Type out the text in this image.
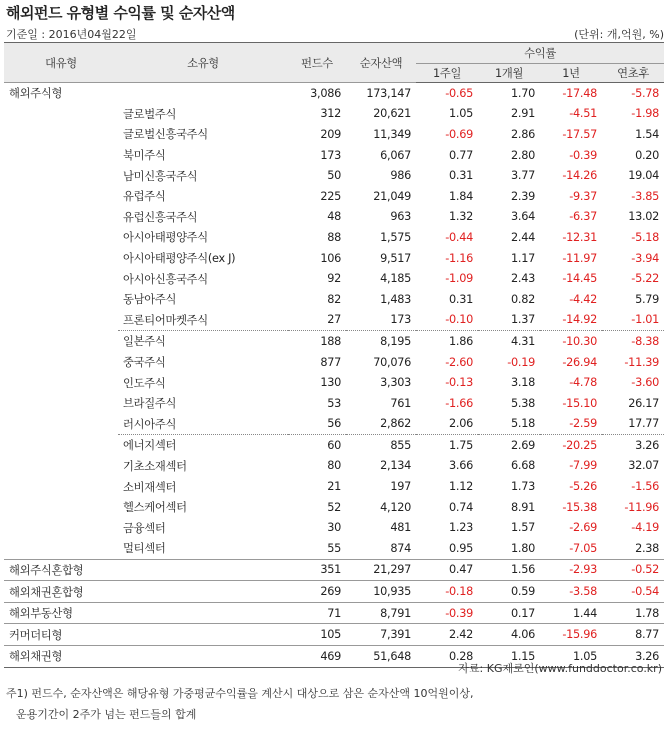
해외펀드 유형별 수익률 및 순자산액
기준일 : 2016년04월22일	(단위: 개,억원, %)
대유형	소유형	펀드수	순자산액	수익률			
				1주일	1개월	1년	연초후
해외주식형		3,086	173,147	-0.65	1.70	-17.48	-5.78
	글로벌주식	312	20,621	1.05	2.91	-4.51	-1.98
	글로벌신흥국주식	209	11,349	-0.69	2.86	-17.57	1.54
	북미주식	173	6,067	0.77	2.80	-0.39	0.20
	남미신흥국주식	50	986	0.31	3.77	-14.26	19.04
	유럽주식	225	21,049	1.84	2.39	-9.37	-3.85
	유럽신흥국주식	48	963	1.32	3.64	-6.37	13.02
	아시아태평양주식	88	1,575	-0.44	2.44	-12.31	-5.18
	아시아태평양주식(ex J)	106	9,517	-1.16	1.17	-11.97	-3.94
	아시아신흥국주식	92	4,185	-1.09	2.43	-14.45	-5.22
	동남아주식	82	1,483	0.31	0.82	-4.42	5.79
	프론티어마켓주식	27	173	-0.10	1.37	-14.92	-1.01
	일본주식	188	8,195	1.86	4.31	-10.30	-8.38
	중국주식	877	70,076	-2.60	-0.19	-26.94	-11.39
	인도주식	130	3,303	-0.13	3.18	-4.78	-3.60
	브라질주식	53	761	-1.66	5.38	-15.10	26.17
	러시아주식	56	2,862	2.06	5.18	-2.59	17.77
	에너지섹터	60	855	1.75	2.69	-20.25	3.26
	기초소재섹터	80	2,134	3.66	6.68	-7.99	32.07
	소비재섹터	21	197	1.12	1.73	-5.26	-1.56
	헬스케어섹터	52	4,120	0.74	8.91	-15.38	-11.96
	금융섹터	30	481	1.23	1.57	-2.69	-4.19
	멀티섹터	55	874	0.95	1.80	-7.05	2.38
해외주식혼합형		351	21,297	0.47	1.56	-2.93	-0.52
해외채권혼합형		269	10,935	-0.18	0.59	-3.58	-0.54
해외부동산형		71	8,791	-0.39	0.17	1.44	1.78
커머더티형		105	7,391	2.42	4.06	-15.96	8.77
해외채권형		469	51,648	0.28	1.15	1.05	3.26
자료: KG제로인(www.funddoctor.co.kr)
주1) 펀드수, 순자산액은 해당유형 가중평균수익률을 계산시 대상으로 삼은 순자산액 10억원이상,
운용기간이 2주가 넘는 펀드들의 합계
